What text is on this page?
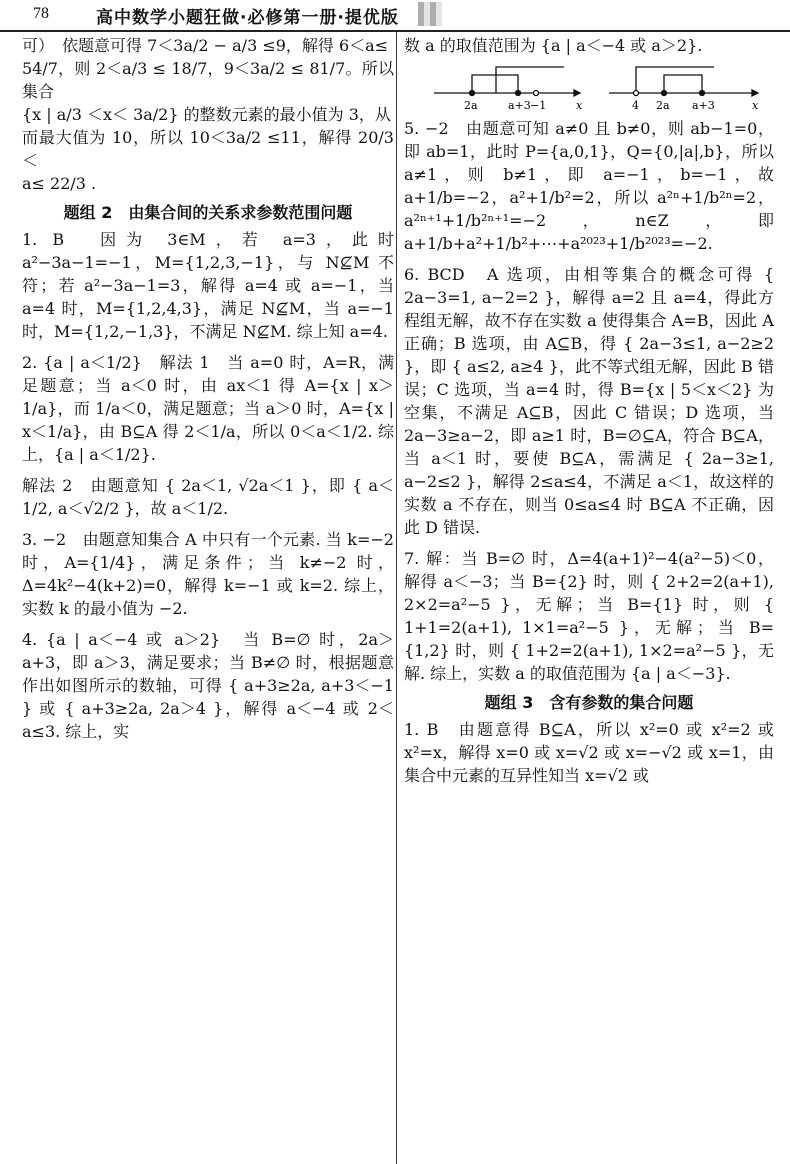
78	高中数学小题狂做·必修第一册·提优版

可）　依题意可得 7＜3a/2 − a/3 ≤9，解得 6＜a≤

54/7，则 2＜a/3 ≤ 18/7，9＜3a/2 ≤ 81/7。所以集合

{x | a/3 ＜x＜ 3a/2} 的整数元素的最小值为 3，从

而最大值为 10，所以 10＜3a/2 ≤11，解得 20/3 ＜

a≤ 22/3 .

题组 2　由集合间的关系求参数范围问题

1. B　因为 3∈M，若 a=3，此时 a²−3a−1=−1，M={1,2,3,−1}，与 N⊈M 不符；若 a²−3a−1=3，解得 a=4 或 a=−1，当 a=4 时，M={1,2,4,3}，满足 N⊈M，当 a=−1 时，M={1,2,−1,3}，不满足 N⊈M. 综上知 a=4.

2. {a | a＜1/2}　解法 1　当 a=0 时，A=R，满足题意；当 a＜0 时，由 ax＜1 得 A={x | x＞1/a}，而 1/a＜0，满足题意；当 a＞0 时，A={x | x＜1/a}，由 B⊆A 得 2＜1/a，所以 0＜a＜1/2. 综上，{a | a＜1/2}.

解法 2　由题意知 { 2a＜1, √2a＜1 }，即 { a＜1/2, a＜√2/2 }，故 a＜1/2.

3. −2　由题意知集合 A 中只有一个元素. 当 k=−2 时，A={1/4}，满足条件；当 k≠−2 时，Δ=4k²−4(k+2)=0，解得 k=−1 或 k=2. 综上，实数 k 的最小值为 −2.

4. {a | a＜−4 或 a＞2}　当 B=∅ 时，2a＞a+3，即 a＞3，满足要求；当 B≠∅ 时，根据题意作出如图所示的数轴，可得 { a+3≥2a, a+3＜−1 } 或 { a+3≥2a, 2a＞4 }，解得 a＜−4 或 2＜a≤3. 综上，实

数 a 的取值范围为 {a | a＜−4 或 a＞2}.

2a	a+3 −1	x	4 2a a+3	x

5. −2　由题意可知 a≠0 且 b≠0，则 ab−1=0，即 ab=1，此时 P={a,0,1}，Q={0,|a|,b}，所以 a≠1，则 b≠1，即 a=−1，b=−1，故 a+1/b=−2，a²+1/b²=2，所以 a²ⁿ+1/b²ⁿ=2，a²ⁿ⁺¹+1/b²ⁿ⁺¹=−2，n∈Z，即 a+1/b+a²+1/b²+⋯+a²⁰²³+1/b²⁰²³=−2.

6. BCD　A 选项，由相等集合的概念可得 { 2a−3=1, a−2=2 }，解得 a=2 且 a=4，得此方程组无解，故不存在实数 a 使得集合 A=B，因此 A 正确；B 选项，由 A⊆B，得 { 2a−3≤1, a−2≥2 }，即 { a≤2, a≥4 }，此不等式组无解，因此 B 错误；C 选项，当 a=4 时，得 B={x | 5＜x＜2} 为空集，不满足 A⊆B，因此 C 错误；D 选项，当 2a−3≥a−2，即 a≥1 时，B=∅⊆A，符合 B⊆A，当 a＜1 时，要使 B⊆A，需满足 { 2a−3≥1, a−2≤2 }，解得 2≤a≤4，不满足 a＜1，故这样的实数 a 不存在，则当 0≤a≤4 时 B⊆A 不正确，因此 D 错误.

7. 解：当 B=∅ 时，Δ=4(a+1)²−4(a²−5)＜0，解得 a＜−3；当 B={2} 时，则 { 2+2=2(a+1), 2×2=a²−5 }，无解；当 B={1} 时，则 { 1+1=2(a+1), 1×1=a²−5 }，无解；当 B={1,2} 时，则 { 1+2=2(a+1), 1×2=a²−5 }，无解. 综上，实数 a 的取值范围为 {a | a＜−3}.

题组 3　含有参数的集合问题

1. B　由题意得 B⊆A，所以 x²=0 或 x²=2 或 x²=x，解得 x=0 或 x=√2 或 x=−√2 或 x=1，由集合中元素的互异性知当 x=√2 或
